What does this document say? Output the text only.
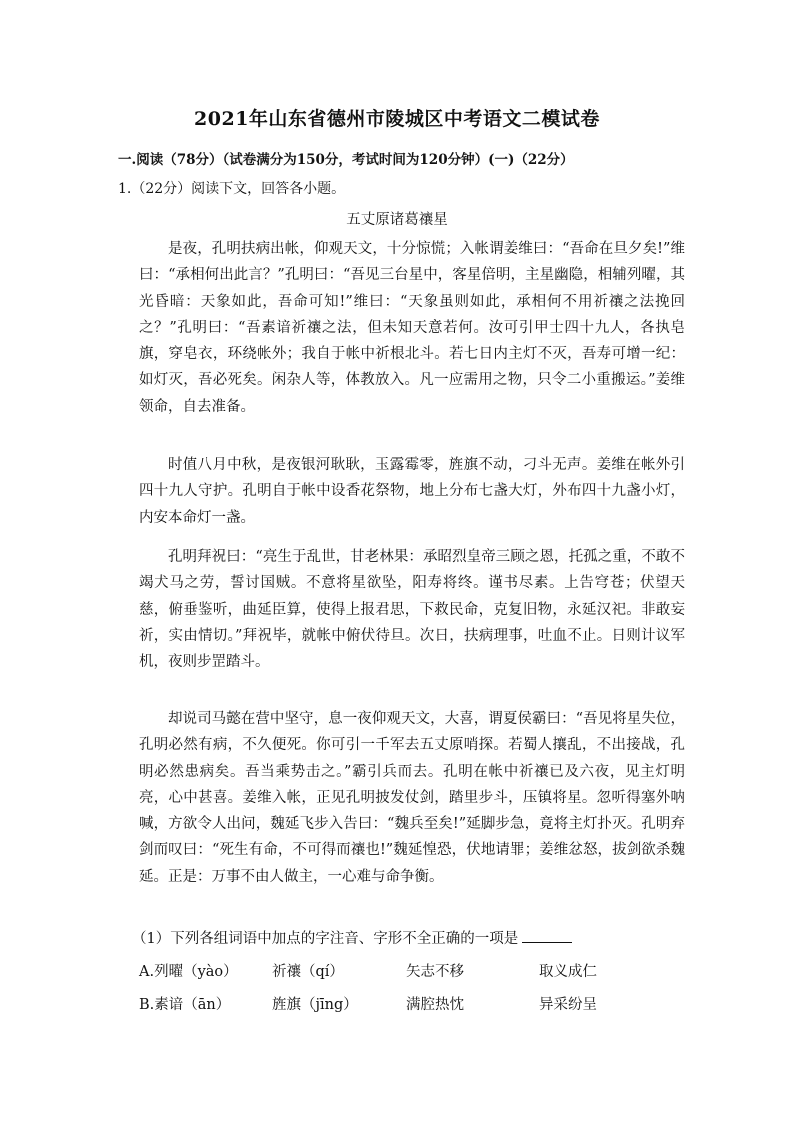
2021年山东省德州市陵城区中考语文二模试卷
一.阅读（78分）（试卷满分为150分，考试时间为120分钟）(一)（22分）
1.（22分）阅读下文，回答各小题。
五丈原诸葛禳星

是夜，孔明扶病出帐，仰观天文，十分惊慌；入帐谓姜维曰：“吾命在旦夕矣!”维曰：“承相何出此言？”孔明曰：“吾见三台星中，客星倍明，主星幽隐，相辅列曜，其光昏暗：天象如此，吾命可知!”维曰：“天象虽则如此，承相何不用祈禳之法挽回之？”孔明曰：“吾素谙祈禳之法，但未知天意若何。汝可引甲士四十九人，各执皂旗，穿皂衣，环绕帐外；我自于帐中祈根北斗。若七日内主灯不灭，吾寿可增一纪：如灯灭，吾必死矣。闲杂人等，体教放入。凡一应需用之物，只令二小重搬运。”姜维领命，自去准备。

时值八月中秋，是夜银河耿耿，玉露霉零，旌旗不动，刁斗无声。姜维在帐外引四十九人守护。孔明自于帐中设香花祭物，地上分布七盏大灯，外布四十九盏小灯，内安本命灯一盏。

孔明拜祝曰：“亮生于乱世，甘老林果：承昭烈皇帝三顾之恩，托孤之重，不敢不竭犬马之劳，誓讨国贼。不意将星欲坠，阳寿将终。谨书尽素。上告穹苍；伏望天慈，俯垂鉴听，曲延臣算，使得上报君思，下救民命，克复旧物，永延汉祀。非敢妄祈，实由情切。”拜祝毕，就帐中俯伏待旦。次日，扶病理事，吐血不止。日则计议军机，夜则步罡踏斗。

却说司马懿在营中坚守，息一夜仰观天文，大喜，谓夏侯霸曰：“吾见将星失位，孔明必然有病，不久便死。你可引一千军去五丈原哨探。若蜀人攘乱，不出接战，孔明必然患病矣。吾当乘势击之。”霸引兵而去。孔明在帐中祈禳已及六夜，见主灯明亮，心中甚喜。姜维入帐，正见孔明披发仗剑，踏里步斗，压镇将星。忽听得塞外呐喊，方欲令人出问，魏延飞步入告曰：“魏兵至矣!”延脚步急，竟将主灯扑灭。孔明弃剑而叹曰：“死生有命，不可得而禳也!”魏延惶恐，伏地请罪；姜维忿怒，拔剑欲杀魏延。正是：万事不由人做主，一心难与命争衡。

（1）下列各组词语中加点的字注音、字形不全正确的一项是
A.列曜（yào） 祈禳（qí）	矢志不移	取义成仁
B.素谙（ān）	旌旗（jīng）	满腔热忱	异采纷呈
